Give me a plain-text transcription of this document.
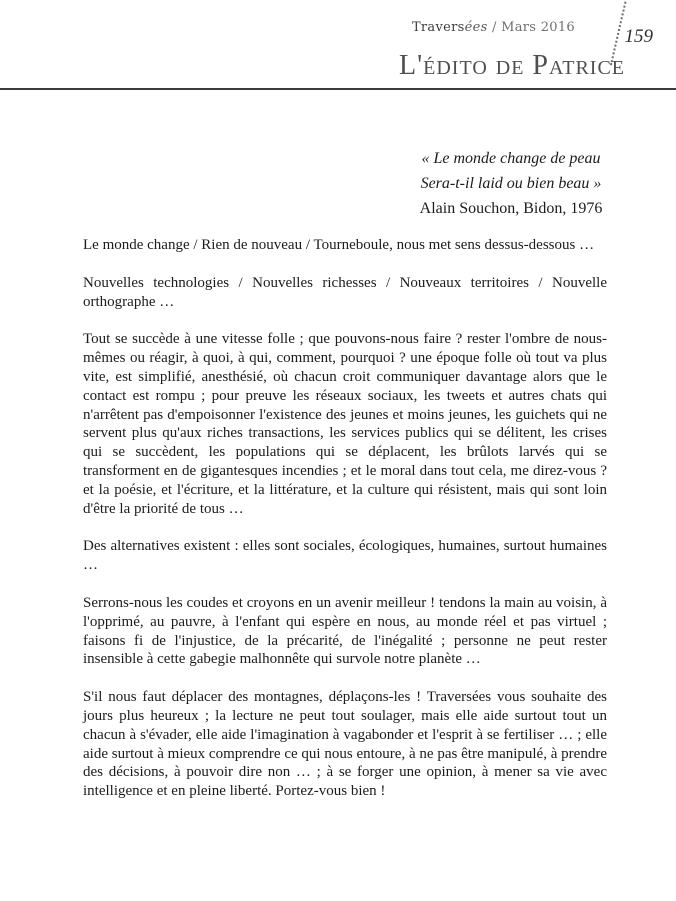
Traversées / Mars 2016	159
L'édito de Patrice
« Le monde change de peau
Sera-t-il laid ou bien beau »
Alain Souchon, Bidon, 1976

Le monde change / Rien de nouveau / Tourneboule, nous met sens dessus-dessous …

Nouvelles technologies / Nouvelles richesses / Nouveaux territoires / Nouvelle orthographe …

Tout se succède à une vitesse folle ; que pouvons-nous faire ? rester l'ombre de nous-mêmes ou réagir, à quoi, à qui, comment, pourquoi ? une époque folle où tout va plus vite, est simplifié, anesthésié, où chacun croit communiquer davantage alors que le contact est rompu ; pour preuve les réseaux sociaux, les tweets et autres chats qui n'arrêtent pas d'empoisonner l'existence des jeunes et moins jeunes, les guichets qui ne servent plus qu'aux riches transactions, les services publics qui se délitent, les crises qui se succèdent, les populations qui se déplacent, les brûlots larvés qui se transforment en de gigantesques incendies ; et le moral dans tout cela, me direz-vous ? et la poésie, et l'écriture, et la littérature, et la culture qui résistent, mais qui sont loin d'être la priorité de tous …

Des alternatives existent : elles sont sociales, écologiques, humaines, surtout humaines …

Serrons-nous les coudes et croyons en un avenir meilleur ! tendons la main au voisin, à l'opprimé, au pauvre, à l'enfant qui espère en nous, au monde réel et pas virtuel ; faisons fi de l'injustice, de la précarité, de l'inégalité ; personne ne peut rester insensible à cette gabegie malhonnête qui survole notre planète …

S'il nous faut déplacer des montagnes, déplaçons-les ! Traversées vous souhaite des jours plus heureux ; la lecture ne peut tout soulager, mais elle aide surtout tout un chacun à s'évader, elle aide l'imagination à vagabonder et l'esprit à se fertiliser … ; elle aide surtout à mieux comprendre ce qui nous entoure, à ne pas être manipulé, à prendre des décisions, à pouvoir dire non … ; à se forger une opinion, à mener sa vie avec intelligence et en pleine liberté. Portez-vous bien !
